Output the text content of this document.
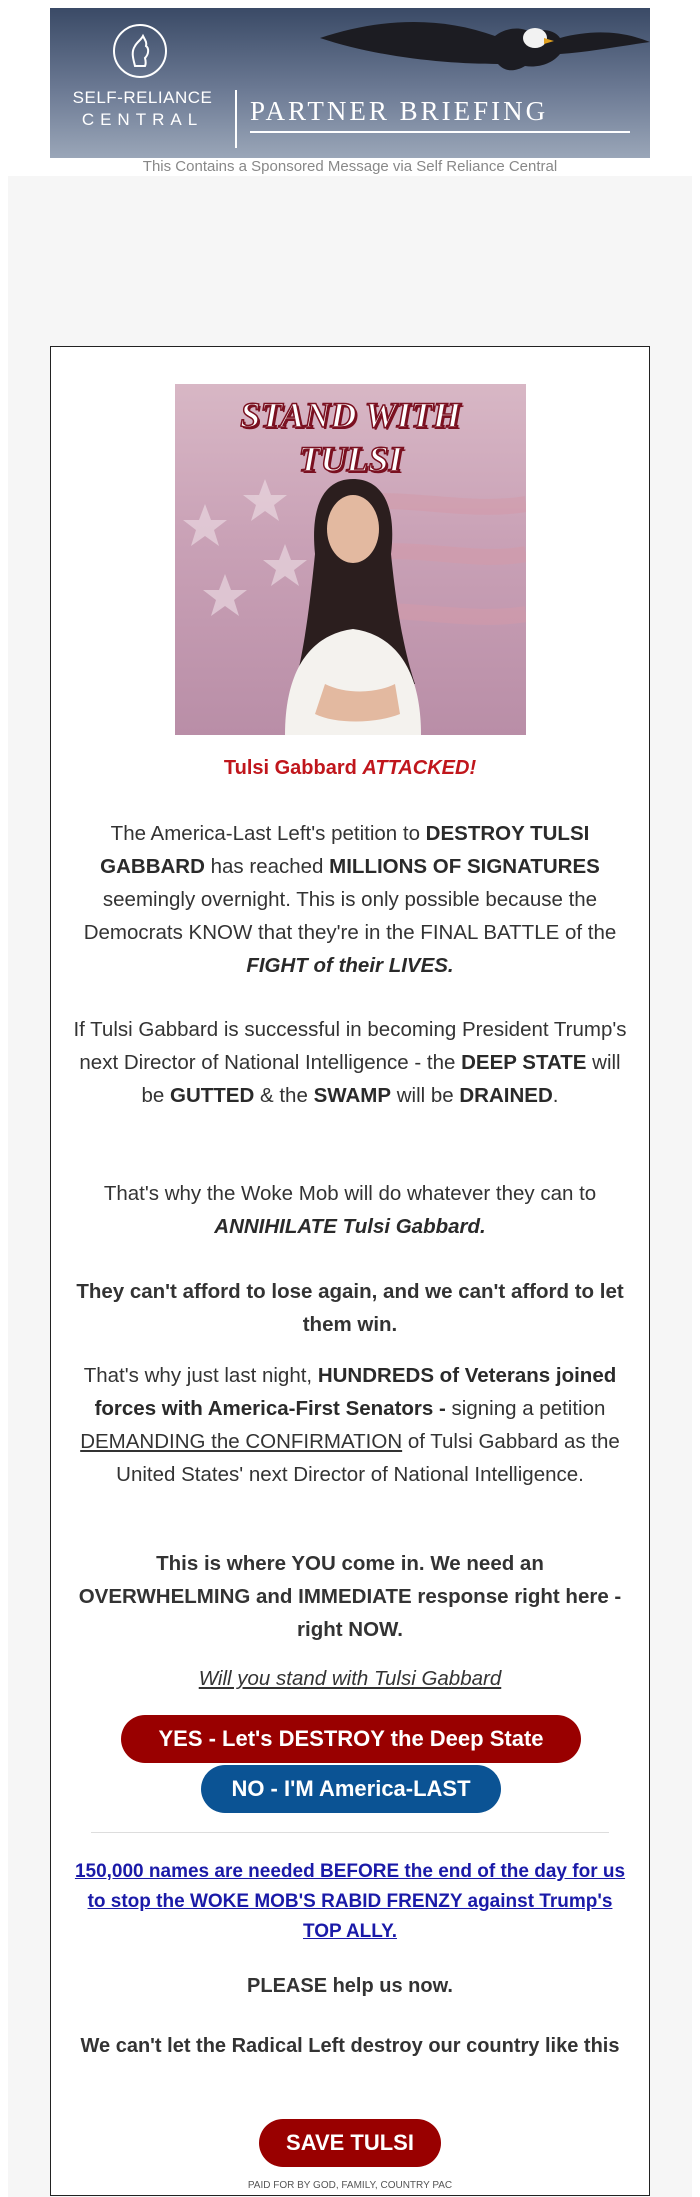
SELF-RELIANCE
CENTRAL	PARTNER BRIEFING
This Contains a Sponsored Message via Self Reliance Central
STAND WITH
TULSI
Tulsi Gabbard ATTACKED!
The America-Last Left's petition to DESTROY TULSI GABBARD has reached MILLIONS OF SIGNATURES seemingly overnight. This is only possible because the Democrats KNOW that they're in the FINAL BATTLE of the FIGHT of their LIVES.
If Tulsi Gabbard is successful in becoming President Trump's next Director of National Intelligence - the DEEP STATE will be GUTTED & the SWAMP will be DRAINED.
That's why the Woke Mob will do whatever they can to ANNIHILATE Tulsi Gabbard.
They can't afford to lose again, and we can't afford to let them win.
That's why just last night, HUNDREDS of Veterans joined forces with America-First Senators - signing a petition DEMANDING the CONFIRMATION of Tulsi Gabbard as the United States' next Director of National Intelligence.
This is where YOU come in. We need an OVERWHELMING and IMMEDIATE response right here - right NOW.
Will you stand with Tulsi Gabbard
YES - Let's DESTROY the Deep State
NO - I'M America-LAST
150,000 names are needed BEFORE the end of the day for us to stop the WOKE MOB'S RABID FRENZY against Trump's TOP ALLY.
PLEASE help us now.
We can't let the Radical Left destroy our country like this
SAVE TULSI
PAID FOR BY GOD, FAMILY, COUNTRY PAC
